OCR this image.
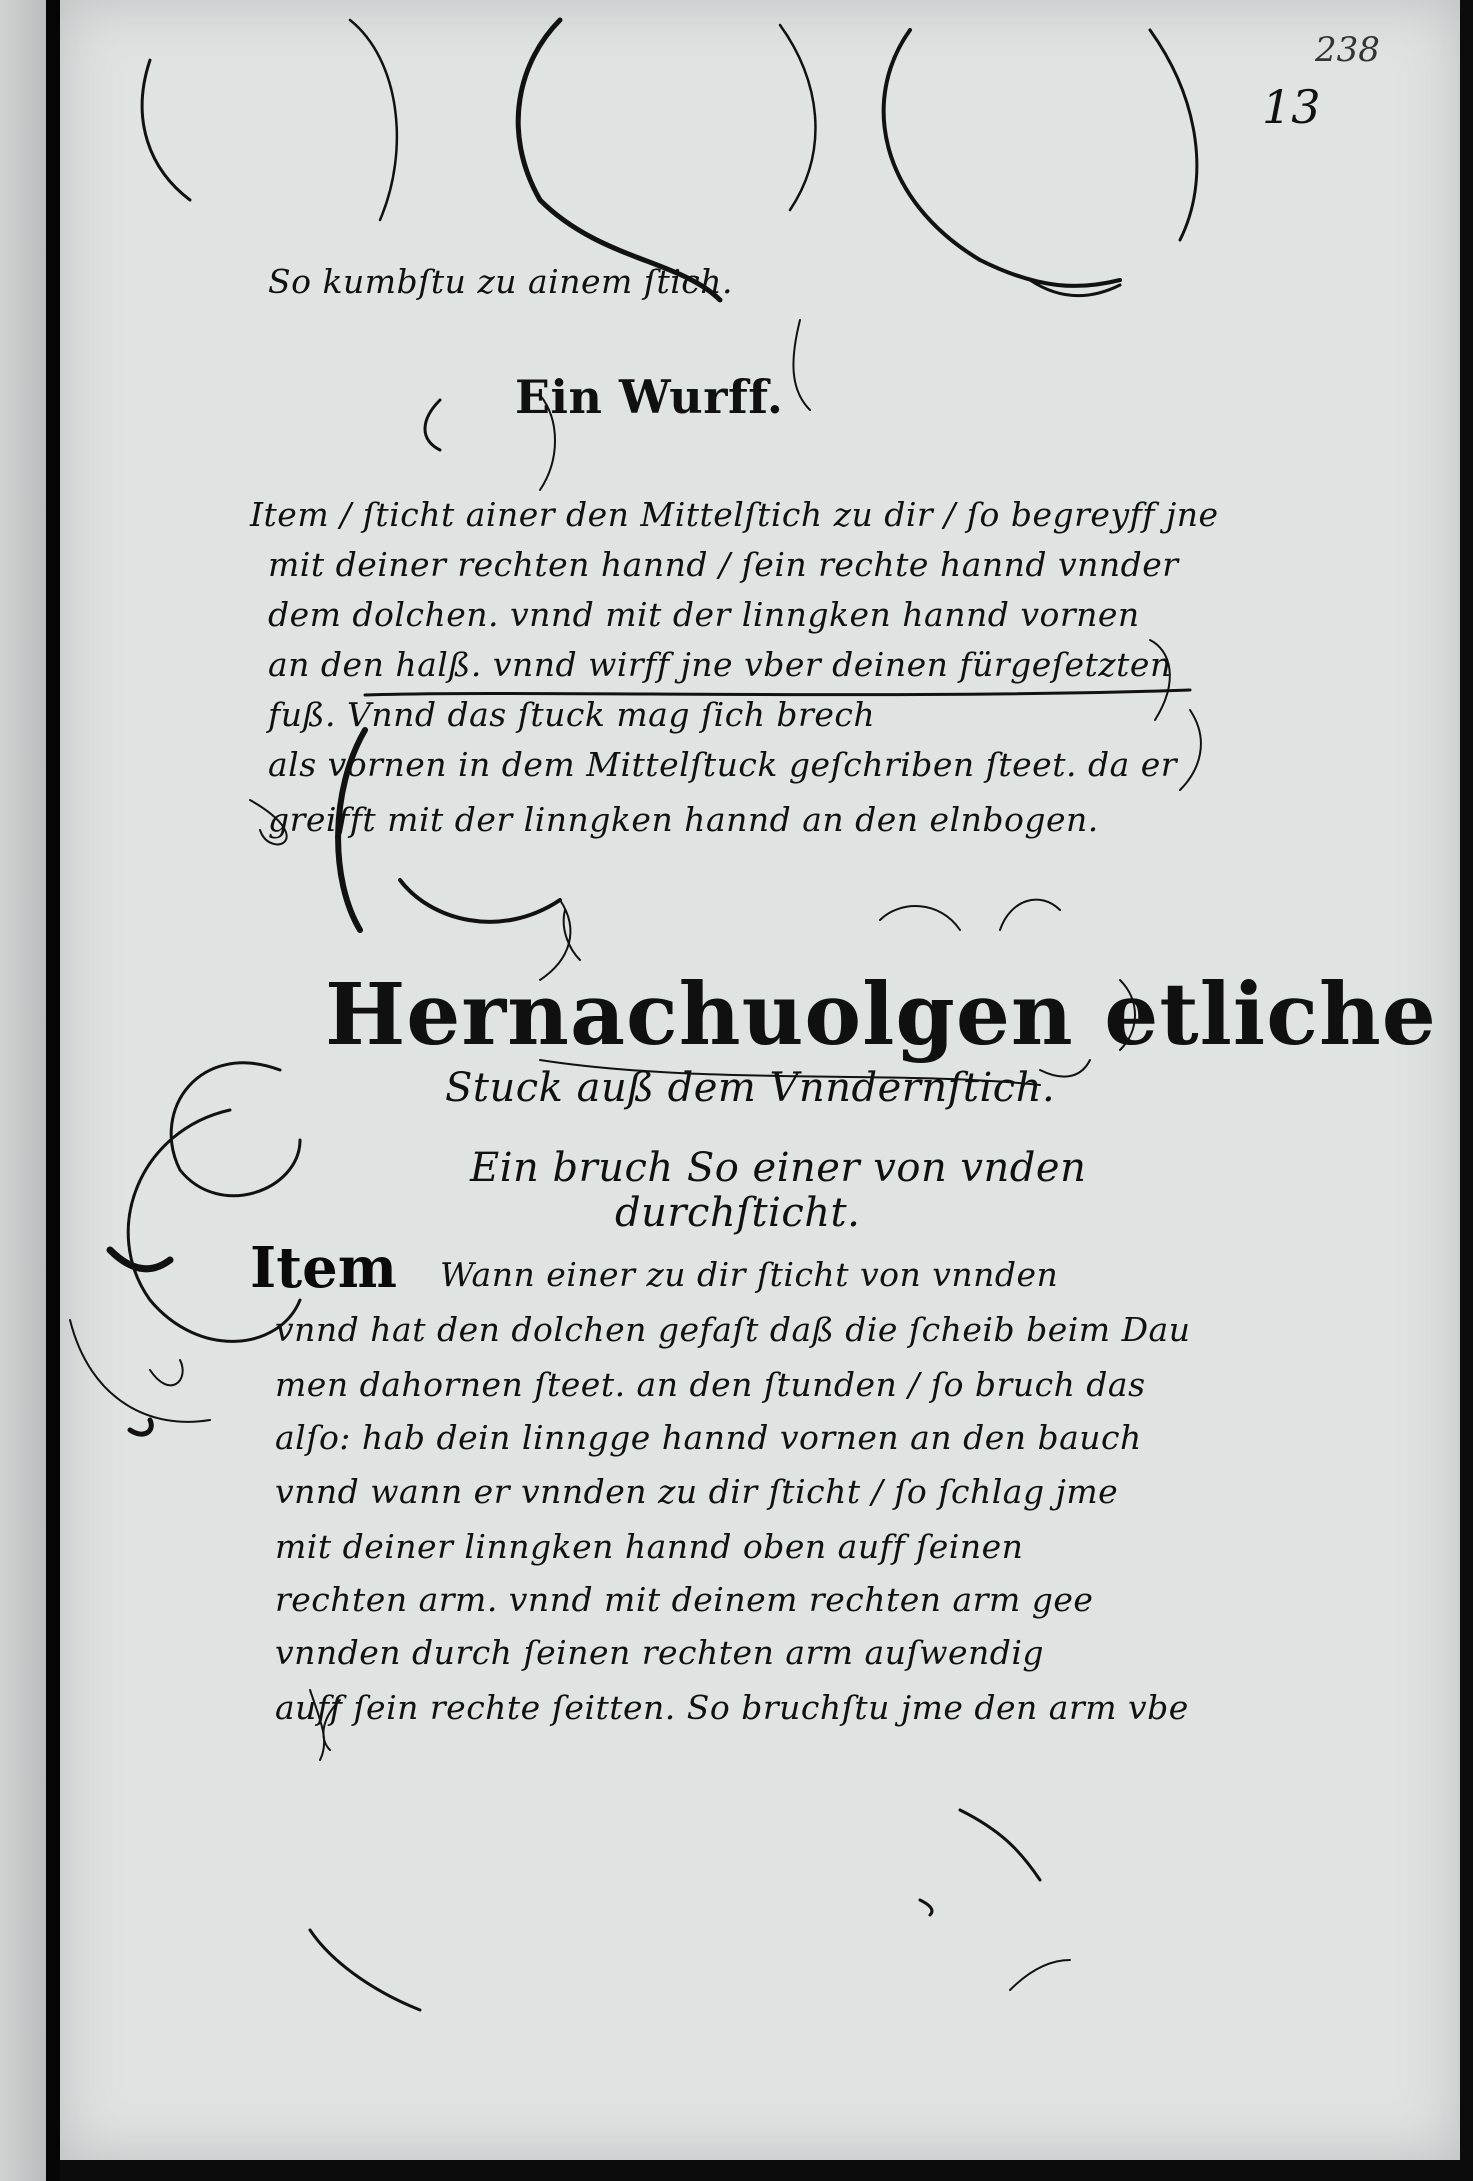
238
13
So kumbſtu zu ainem ſtich.
Ein Wurff.
Item / ſticht ainer den Mittelſtich zu dir / ſo begreyff jne
mit deiner rechten hannd / ſein rechte hannd vnnder
dem dolchen. vnnd mit der linngken hannd vornen
an den halß. vnnd wirff jne vber deinen fürgeſetzten
fuß. Vnnd das ſtuck mag ſich brech
als vornen in dem Mittelſtuck geſchriben ſteet. da er
greifft mit der linngken hannd an den elnbogen.
Hernachuolgen etliche
Stuck auß dem Vnndernſtich.
Ein bruch So einer von vnden
durchſticht.
Item Wann einer zu dir ſticht von vnnden
vnnd hat den dolchen gefaſt daß die ſcheib beim Dau
men dahornen ſteet. an den ſtunden / ſo bruch das
alſo: hab dein linngge hannd vornen an den bauch
vnnd wann er vnnden zu dir ſticht / ſo ſchlag jme
mit deiner linngken hannd oben auff ſeinen
rechten arm. vnnd mit deinem rechten arm gee
vnnden durch ſeinen rechten arm auſwendig
auff ſein rechte ſeitten. So bruchſtu jme den arm vbe
